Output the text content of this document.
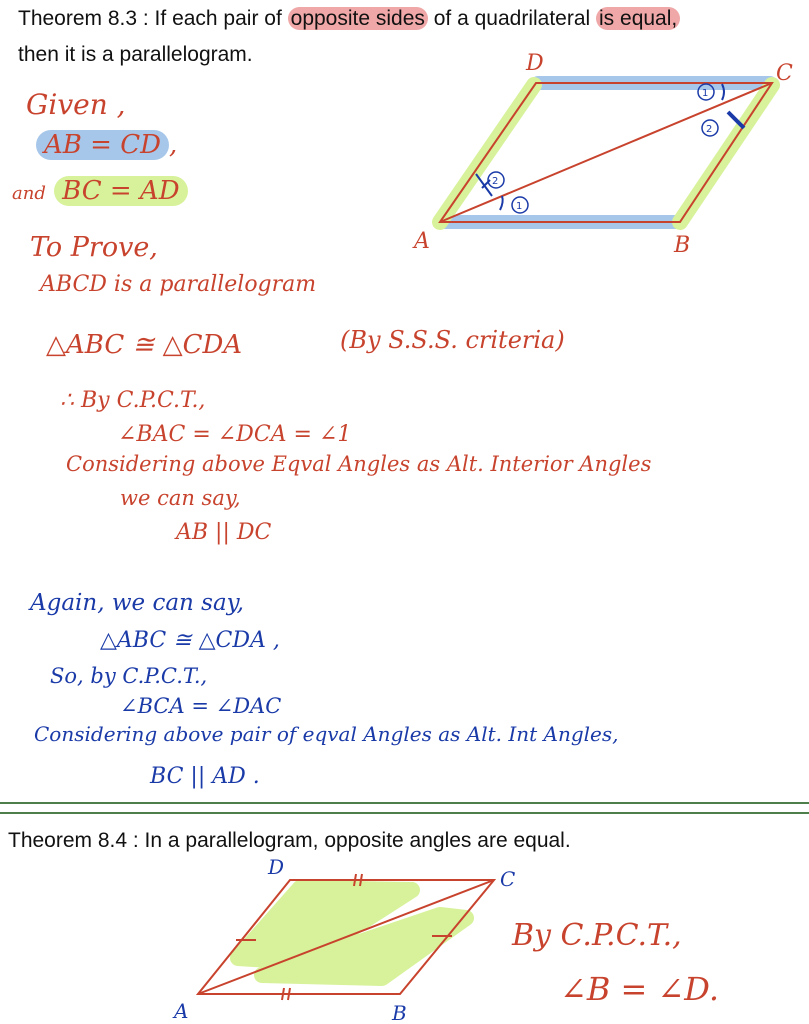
Theorem 8.3 : If each pair of opposite sides of a quadrilateral is equal,
then it is a parallelogram.
1
2
1
2
A	B
C
D
Given ,
AB = CD ,
and BC = AD
To Prove,
ABCD is a parallelogram
△ABC ≅ △CDA	(By S.S.S. criteria)
∴ By C.P.C.T.,
∠BAC = ∠DCA = ∠1
Considering above Eqval Angles as Alt. Interior Angles
we can say,
AB || DC
Again, we can say,
△ABC ≅ △CDA ,
So, by C.P.C.T.,
∠BCA = ∠DAC
Considering above pair of eqval Angles as Alt. Int Angles,
BC || AD .
Theorem 8.4 : In a parallelogram, opposite angles are equal.
A	B
C
D
By C.P.C.T.,
∠B = ∠D.
